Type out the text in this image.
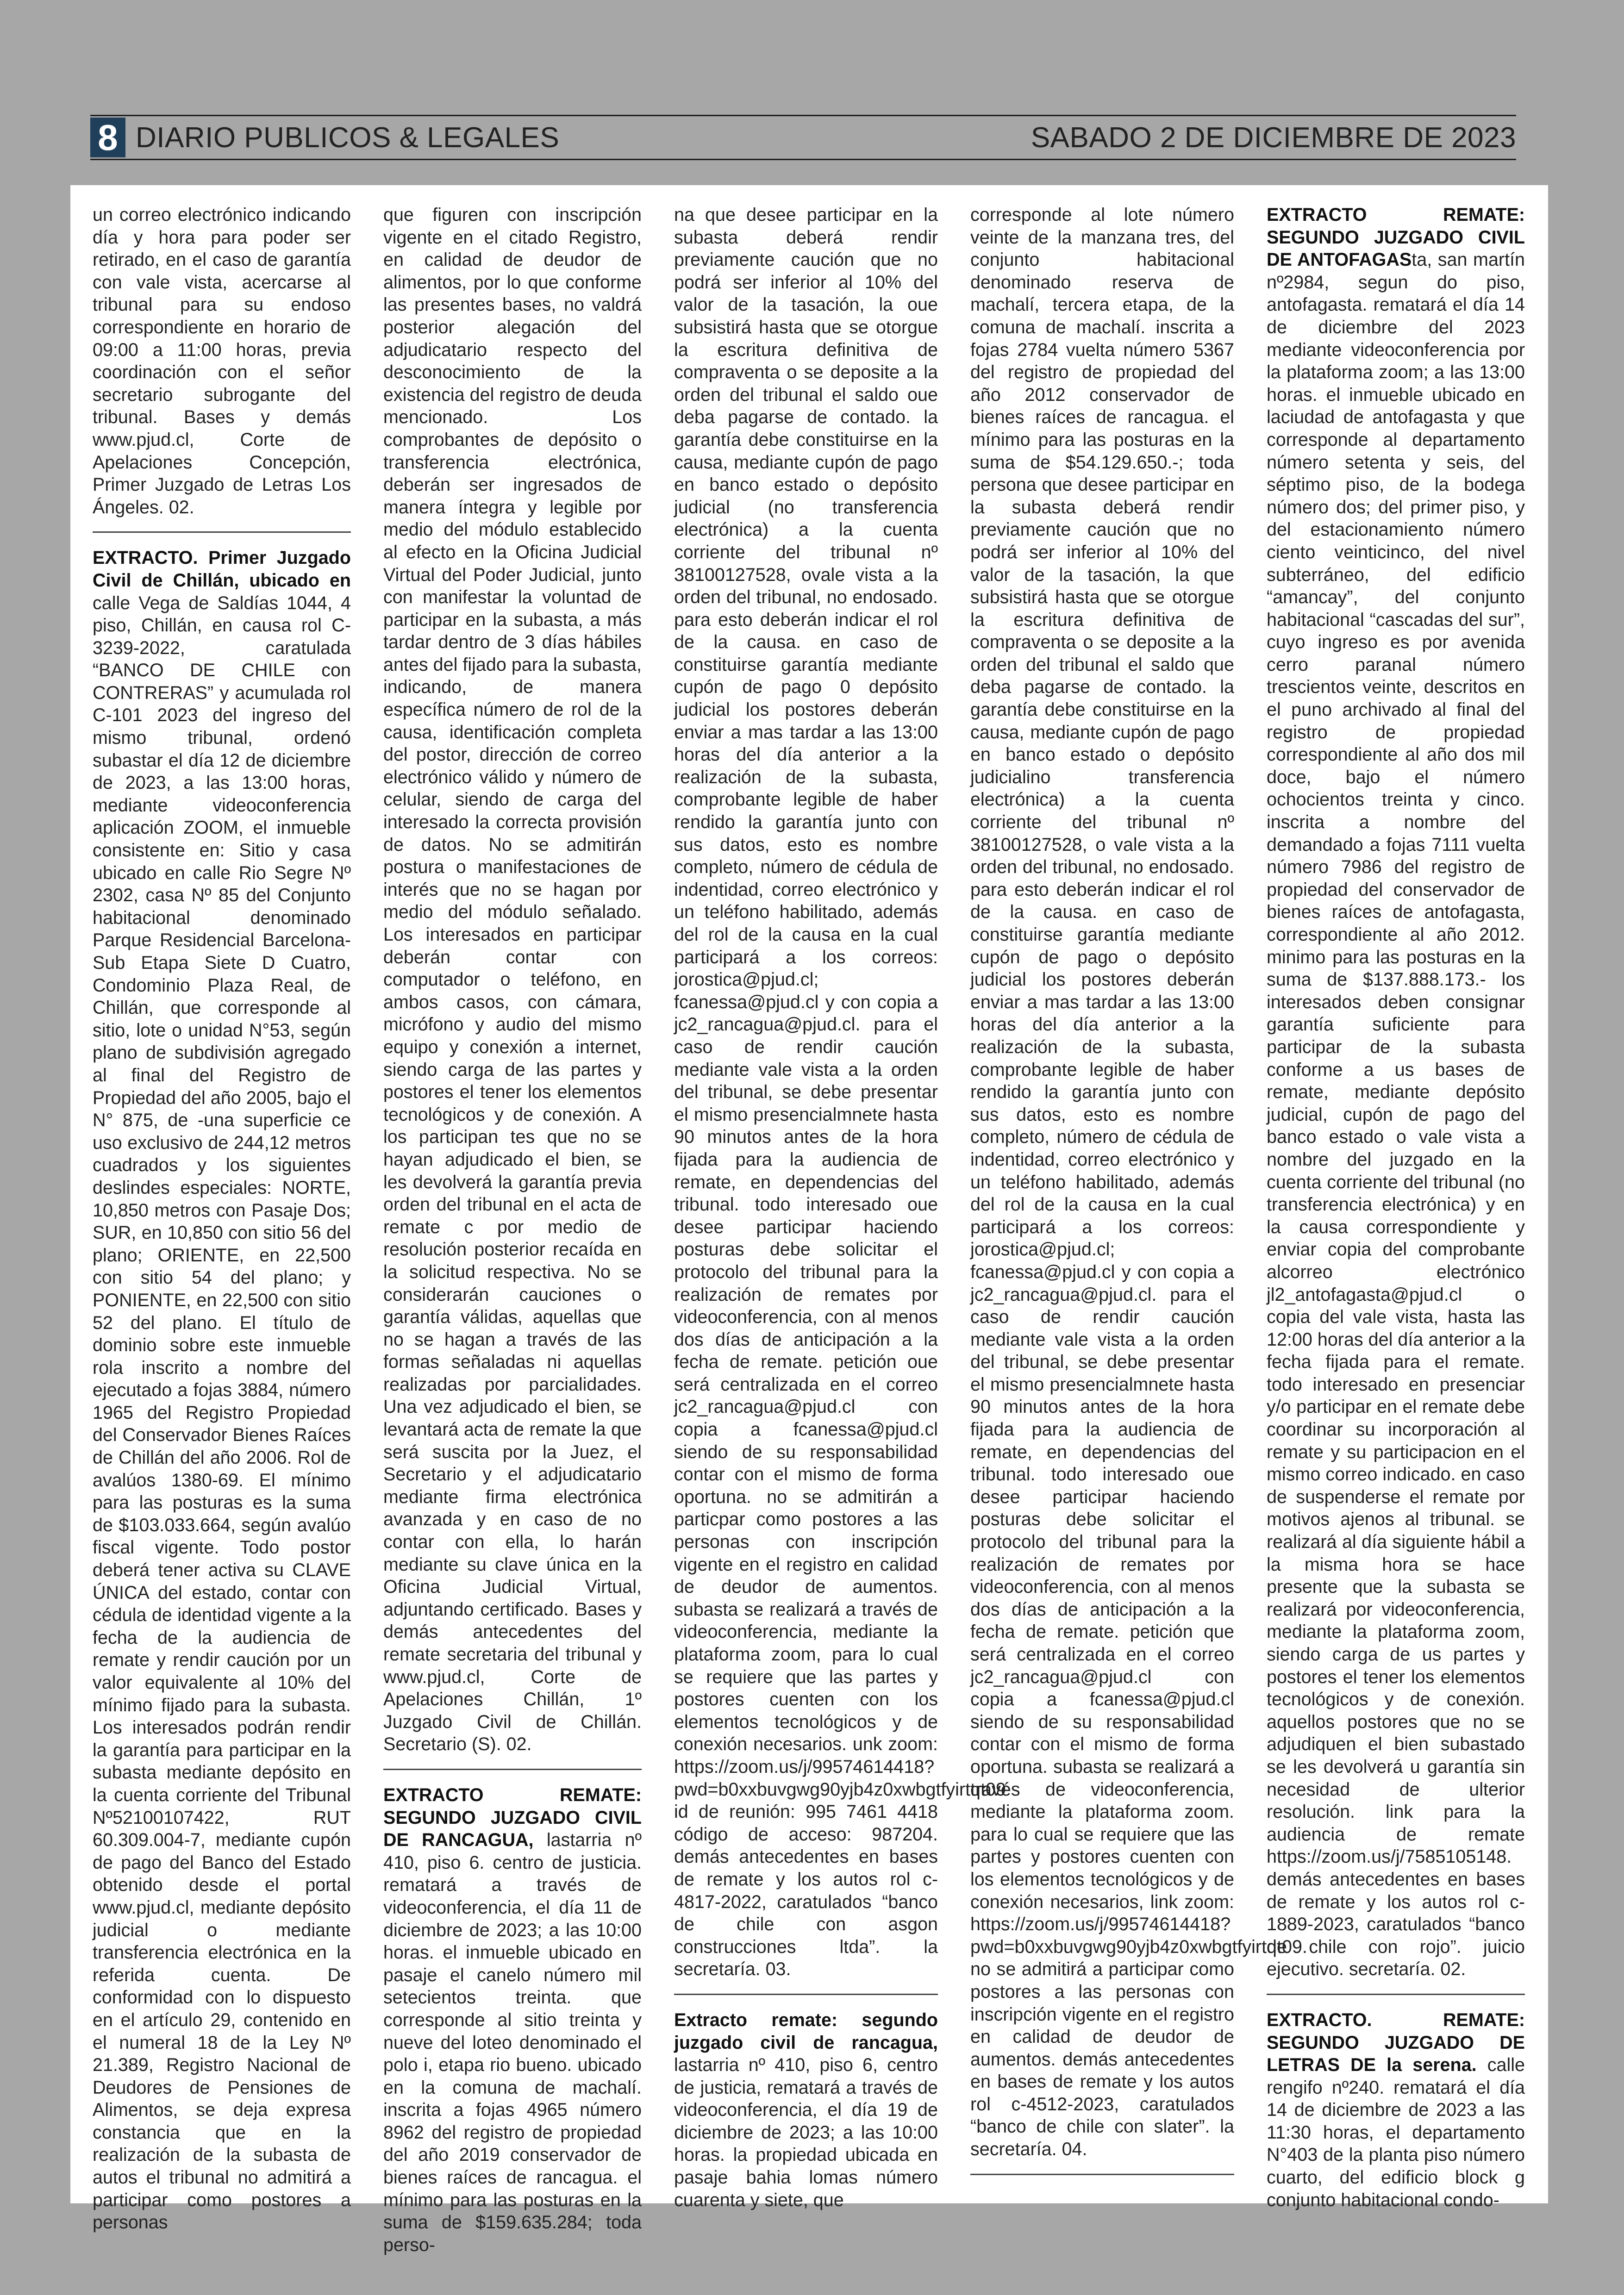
8 DIARIO PUBLICOS & LEGALES	SABADO 2 DE DICIEMBRE DE 2023

un correo electrónico indicando día y hora para poder ser retirado, en el caso de garantía con vale vista, acercarse al tribunal para su endoso correspondiente en horario de 09:00 a 11:00 horas, previa coordinación con el señor secretario subrogante del tribunal. Bases y demás www.pjud.cl, Corte de Apelaciones Concepción, Primer Juzgado de Letras Los Ángeles. 02.

EXTRACTO. Primer Juzgado Civil de Chillán, ubicado en calle Vega de Saldías 1044, 4 piso, Chillán, en causa rol C-3239-2022, caratulada “BANCO DE CHILE con CONTRERAS” y acumulada rol C-101 2023 del ingreso del mismo tribunal, ordenó subastar el día 12 de diciembre de 2023, a las 13:00 horas, mediante videoconferencia aplicación ZOOM, el inmueble consistente en: Sitio y casa ubicado en calle Rio Segre Nº 2302, casa Nº 85 del Conjunto habitacional denominado Parque Residencial Barcelona-Sub Etapa Siete D Cuatro, Condominio Plaza Real, de Chillán, que corresponde al sitio, lote o unidad N°53, según plano de subdivisión agregado al final del Registro de Propiedad del año 2005, bajo el N° 875, de -una superficie ce uso exclusivo de 244,12 metros cuadrados y los siguientes deslindes especiales: NORTE, 10,850 metros con Pasaje Dos; SUR, en 10,850 con sitio 56 del plano; ORIENTE, en 22,500 con sitio 54 del plano; y PONIENTE, en 22,500 con sitio 52 del plano. El título de dominio sobre este inmueble rola inscrito a nombre del ejecutado a fojas 3884, número 1965 del Registro Propiedad del Conservador Bienes Raíces de Chillán del año 2006. Rol de avalúos 1380-69. El mínimo para las posturas es la suma de $103.033.664, según avalúo fiscal vigente. Todo postor deberá tener activa su CLAVE ÚNICA del estado, contar con cédula de identidad vigente a la fecha de la audiencia de remate y rendir caución por un valor equivalente al 10% del mínimo fijado para la subasta. Los interesados podrán rendir la garantía para participar en la subasta mediante depósito en la cuenta corriente del Tribunal Nº52100107422, RUT 60.309.004-7, mediante cupón de pago del Banco del Estado obtenido desde el portal www.pjud.cl, mediante depósito judicial o mediante transferencia electrónica en la referida cuenta. De conformidad con lo dispuesto en el artículo 29, contenido en el numeral 18 de la Ley Nº 21.389, Registro Nacional de Deudores de Pensiones de Alimentos, se deja expresa constancia que en la realización de la subasta de autos el tribunal no admitirá a participar como postores a personas

que figuren con inscripción vigente en el citado Registro, en calidad de deudor de alimentos, por lo que conforme las presentes bases, no valdrá posterior alegación del adjudicatario respecto del desconocimiento de la existencia del registro de deuda mencionado. Los comprobantes de depósito o transferencia electrónica, deberán ser ingresados de manera íntegra y legible por medio del módulo establecido al efecto en la Oficina Judicial Virtual del Poder Judicial, junto con manifestar la voluntad de participar en la subasta, a más tardar dentro de 3 días hábiles antes del fijado para la subasta, indicando, de manera específica número de rol de la causa, identificación completa del postor, dirección de correo electrónico válido y número de celular, siendo de carga del interesado la correcta provisión de datos. No se admitirán postura o manifestaciones de interés que no se hagan por medio del módulo señalado. Los interesados en participar deberán contar con computador o teléfono, en ambos casos, con cámara, micrófono y audio del mismo equipo y conexión a internet, siendo carga de las partes y postores el tener los elementos tecnológicos y de conexión. A los participan tes que no se hayan adjudicado el bien, se les devolverá la garantía previa orden del tribunal en el acta de remate c por medio de resolución posterior recaída en la solicitud respectiva. No se considerarán cauciones o garantía válidas, aquellas que no se hagan a través de las formas señaladas ni aquellas realizadas por parcialidades. Una vez adjudicado el bien, se levantará acta de remate la que será suscita por la Juez, el Secretario y el adjudicatario mediante firma electrónica avanzada y en caso de no contar con ella, lo harán mediante su clave única en la Oficina Judicial Virtual, adjuntando certificado. Bases y demás antecedentes del remate secretaria del tribunal y www.pjud.cl, Corte de Apelaciones Chillán, 1º Juzgado Civil de Chillán. Secretario (S). 02.

EXTRACTO REMATE: SEGUNDO JUZGADO CIVIL DE RANCAGUA, lastarria nº 410, piso 6. centro de justicia. rematará a través de videoconferencia, el día 11 de diciembre de 2023; a las 10:00 horas. el inmueble ubicado en pasaje el canelo número mil setecientos treinta. que corresponde al sitio treinta y nueve del loteo denominado el polo i, etapa rio bueno. ubicado en la comuna de machalí. inscrita a fojas 4965 número 8962 del registro de propiedad del año 2019 conservador de bienes raíces de rancagua. el mínimo para las posturas en la suma de $159.635.284; toda perso-

na que desee participar en la subasta deberá rendir previamente caución que no podrá ser inferior al 10% del valor de la tasación, la oue subsistirá hasta que se otorgue la escritura definitiva de compraventa o se deposite a la orden del tribunal el saldo oue deba pagarse de contado. la garantía debe constituirse en la causa, mediante cupón de pago en banco estado o depósito judicial (no transferencia electrónica) a la cuenta corriente del tribunal nº 38100127528, ovale vista a la orden del tribunal, no endosado. para esto deberán indicar el rol de la causa. en caso de constituirse garantía mediante cupón de pago 0 depósito judicial los postores deberán enviar a mas tardar a las 13:00 horas del día anterior a la realización de la subasta, comprobante legible de haber rendido la garantía junto con sus datos, esto es nombre completo, número de cédula de indentidad, correo electrónico y un teléfono habilitado, además del rol de la causa en la cual participará a los correos: jorostica@pjud.cl; fcanessa@pjud.cl y con copia a jc2_rancagua@pjud.cl. para el caso de rendir caución mediante vale vista a la orden del tribunal, se debe presentar el mismo presencialmnete hasta 90 minutos antes de la hora fijada para la audiencia de remate, en dependencias del tribunal. todo interesado oue desee participar haciendo posturas debe solicitar el protocolo del tribunal para la realización de remates por videoconferencia, con al menos dos días de anticipación a la fecha de remate. petición oue será centralizada en el correo jc2_rancagua@pjud.cl con copia a fcanessa@pjud.cl siendo de su responsabilidad contar con el mismo de forma oportuna. no se admitirán a particpar como postores a las personas con inscripción vigente en el registro en calidad de deudor de aumentos. subasta se realizará a través de videoconferencia, mediante la plataforma zoom, para lo cual se requiere que las partes y postores cuenten con los elementos tecnológicos y de conexión necesarios. unk zoom: https://zoom.us/j/99574614418?pwd=b0xxbuvgwg90yjb4z0xwbgtfyirtqt09 id de reunión: 995 7461 4418 código de acceso: 987204. demás antecedentes en bases de remate y los autos rol c-4817-2022, caratulados “banco de chile con asgon construcciones ltda”. la secretaría. 03.

Extracto remate: segundo juzgado civil de rancagua, lastarria nº 410, piso 6, centro de justicia, rematará a través de videoconferencia, el día 19 de diciembre de 2023; a las 10:00 horas. la propiedad ubicada en pasaje bahia lomas número cuarenta y siete, que

corresponde al lote número veinte de la manzana tres, del conjunto habitacional denominado reserva de machalí, tercera etapa, de la comuna de machalí. inscrita a fojas 2784 vuelta número 5367 del registro de propiedad del año 2012 conservador de bienes raíces de rancagua. el mínimo para las posturas en la suma de $54.129.650.-; toda persona que desee participar en la subasta deberá rendir previamente caución que no podrá ser inferior al 10% del valor de la tasación, la que subsistirá hasta que se otorgue la escritura definitiva de compraventa o se deposite a la orden del tribunal el saldo que deba pagarse de contado. la garantía debe constituirse en la causa, mediante cupón de pago en banco estado o depósito judicialino transferencia electrónica) a la cuenta corriente del tribunal nº 38100127528, o vale vista a la orden del tribunal, no endosado. para esto deberán indicar el rol de la causa. en caso de constituirse garantía mediante cupón de pago o depósito judicial los postores deberán enviar a mas tardar a las 13:00 horas del día anterior a la realización de la subasta, comprobante legible de haber rendido la garantía junto con sus datos, esto es nombre completo, número de cédula de indentidad, correo electrónico y un teléfono habilitado, además del rol de la causa en la cual participará a los correos: jorostica@pjud.cl; fcanessa@pjud.cl y con copia a jc2_rancagua@pjud.cl. para el caso de rendir caución mediante vale vista a la orden del tribunal, se debe presentar el mismo presencialmnete hasta 90 minutos antes de la hora fijada para la audiencia de remate, en dependencias del tribunal. todo interesado oue desee participar haciendo posturas debe solicitar el protocolo del tribunal para la realización de remates por videoconferencia, con al menos dos días de anticipación a la fecha de remate. petición que será centralizada en el correo jc2_rancagua@pjud.cl con copia a fcanessa@pjud.cl siendo de su responsabilidad contar con el mismo de forma oportuna. subasta se realizará a través de videoconferencia, mediante la plataforma zoom. para lo cual se requiere que las partes y postores cuenten con los elementos tecnológicos y de conexión necesarios, link zoom: https://zoom.us/j/99574614418?pwd=b0xxbuvgwg90yjb4z0xwbgtfyirtqt09. no se admitirá a participar como postores a las personas con inscripción vigente en el registro en calidad de deudor de aumentos. demás antecedentes en bases de remate y los autos rol c-4512-2023, caratulados “banco de chile con slater”. la secretaría. 04.

EXTRACTO REMATE: SEGUNDO JUZGADO CIVIL DE ANTOFAGASta, san martín nº2984, segun do piso, antofagasta. rematará el día 14 de diciembre del 2023 mediante videoconferencia por la plataforma zoom; a las 13:00 horas. el inmueble ubicado en laciudad de antofagasta y que corresponde al departamento número setenta y seis, del séptimo piso, de la bodega número dos; del primer piso, y del estacionamiento número ciento veinticinco, del nivel subterráneo, del edificio “amancay”, del conjunto habitacional “cascadas del sur”, cuyo ingreso es por avenida cerro paranal número trescientos veinte, descritos en el puno archivado al final del registro de propiedad correspondiente al año dos mil doce, bajo el número ochocientos treinta y cinco. inscrita a nombre del demandado a fojas 7111 vuelta número 7986 del registro de propiedad del conservador de bienes raíces de antofagasta, correspondiente al año 2012. minimo para las posturas en la suma de $137.888.173.- los interesados deben consignar garantía suficiente para participar de la subasta conforme a us bases de remate, mediante depósito judicial, cupón de pago del banco estado o vale vista a nombre del juzgado en la cuenta corriente del tribunal (no transferencia electrónica) y en la causa correspondiente y enviar copia del comprobante alcorreo electrónico jl2_antofagasta@pjud.cl o copia del vale vista, hasta las 12:00 horas del día anterior a la fecha fijada para el remate. todo interesado en presenciar y/o participar en el remate debe coordinar su incorporación al remate y su participacion en el mismo correo indicado. en caso de suspenderse el remate por motivos ajenos al tribunal. se realizará al día siguiente hábil a la misma hora se hace presente que la subasta se realizará por videoconferencia, mediante la plataforma zoom, siendo carga de us partes y postores el tener los elementos tecnológicos y de conexión. aquellos postores que no se adjudiquen el bien subastado se les devolverá u garantía sin necesidad de ulterior resolución. link para la audiencia de remate https://zoom.us/j/7585105148. demás antecedentes en bases de remate y los autos rol c-1889-2023, caratulados “banco de chile con rojo”. juicio ejecutivo. secretaría. 02.

EXTRACTO. REMATE: SEGUNDO JUZGADO DE LETRAS DE la serena. calle rengifo nº240. rematará el día 14 de diciembre de 2023 a las 11:30 horas, el departamento N°403 de la planta piso número cuarto, del edificio block g conjunto habitacional condo-
